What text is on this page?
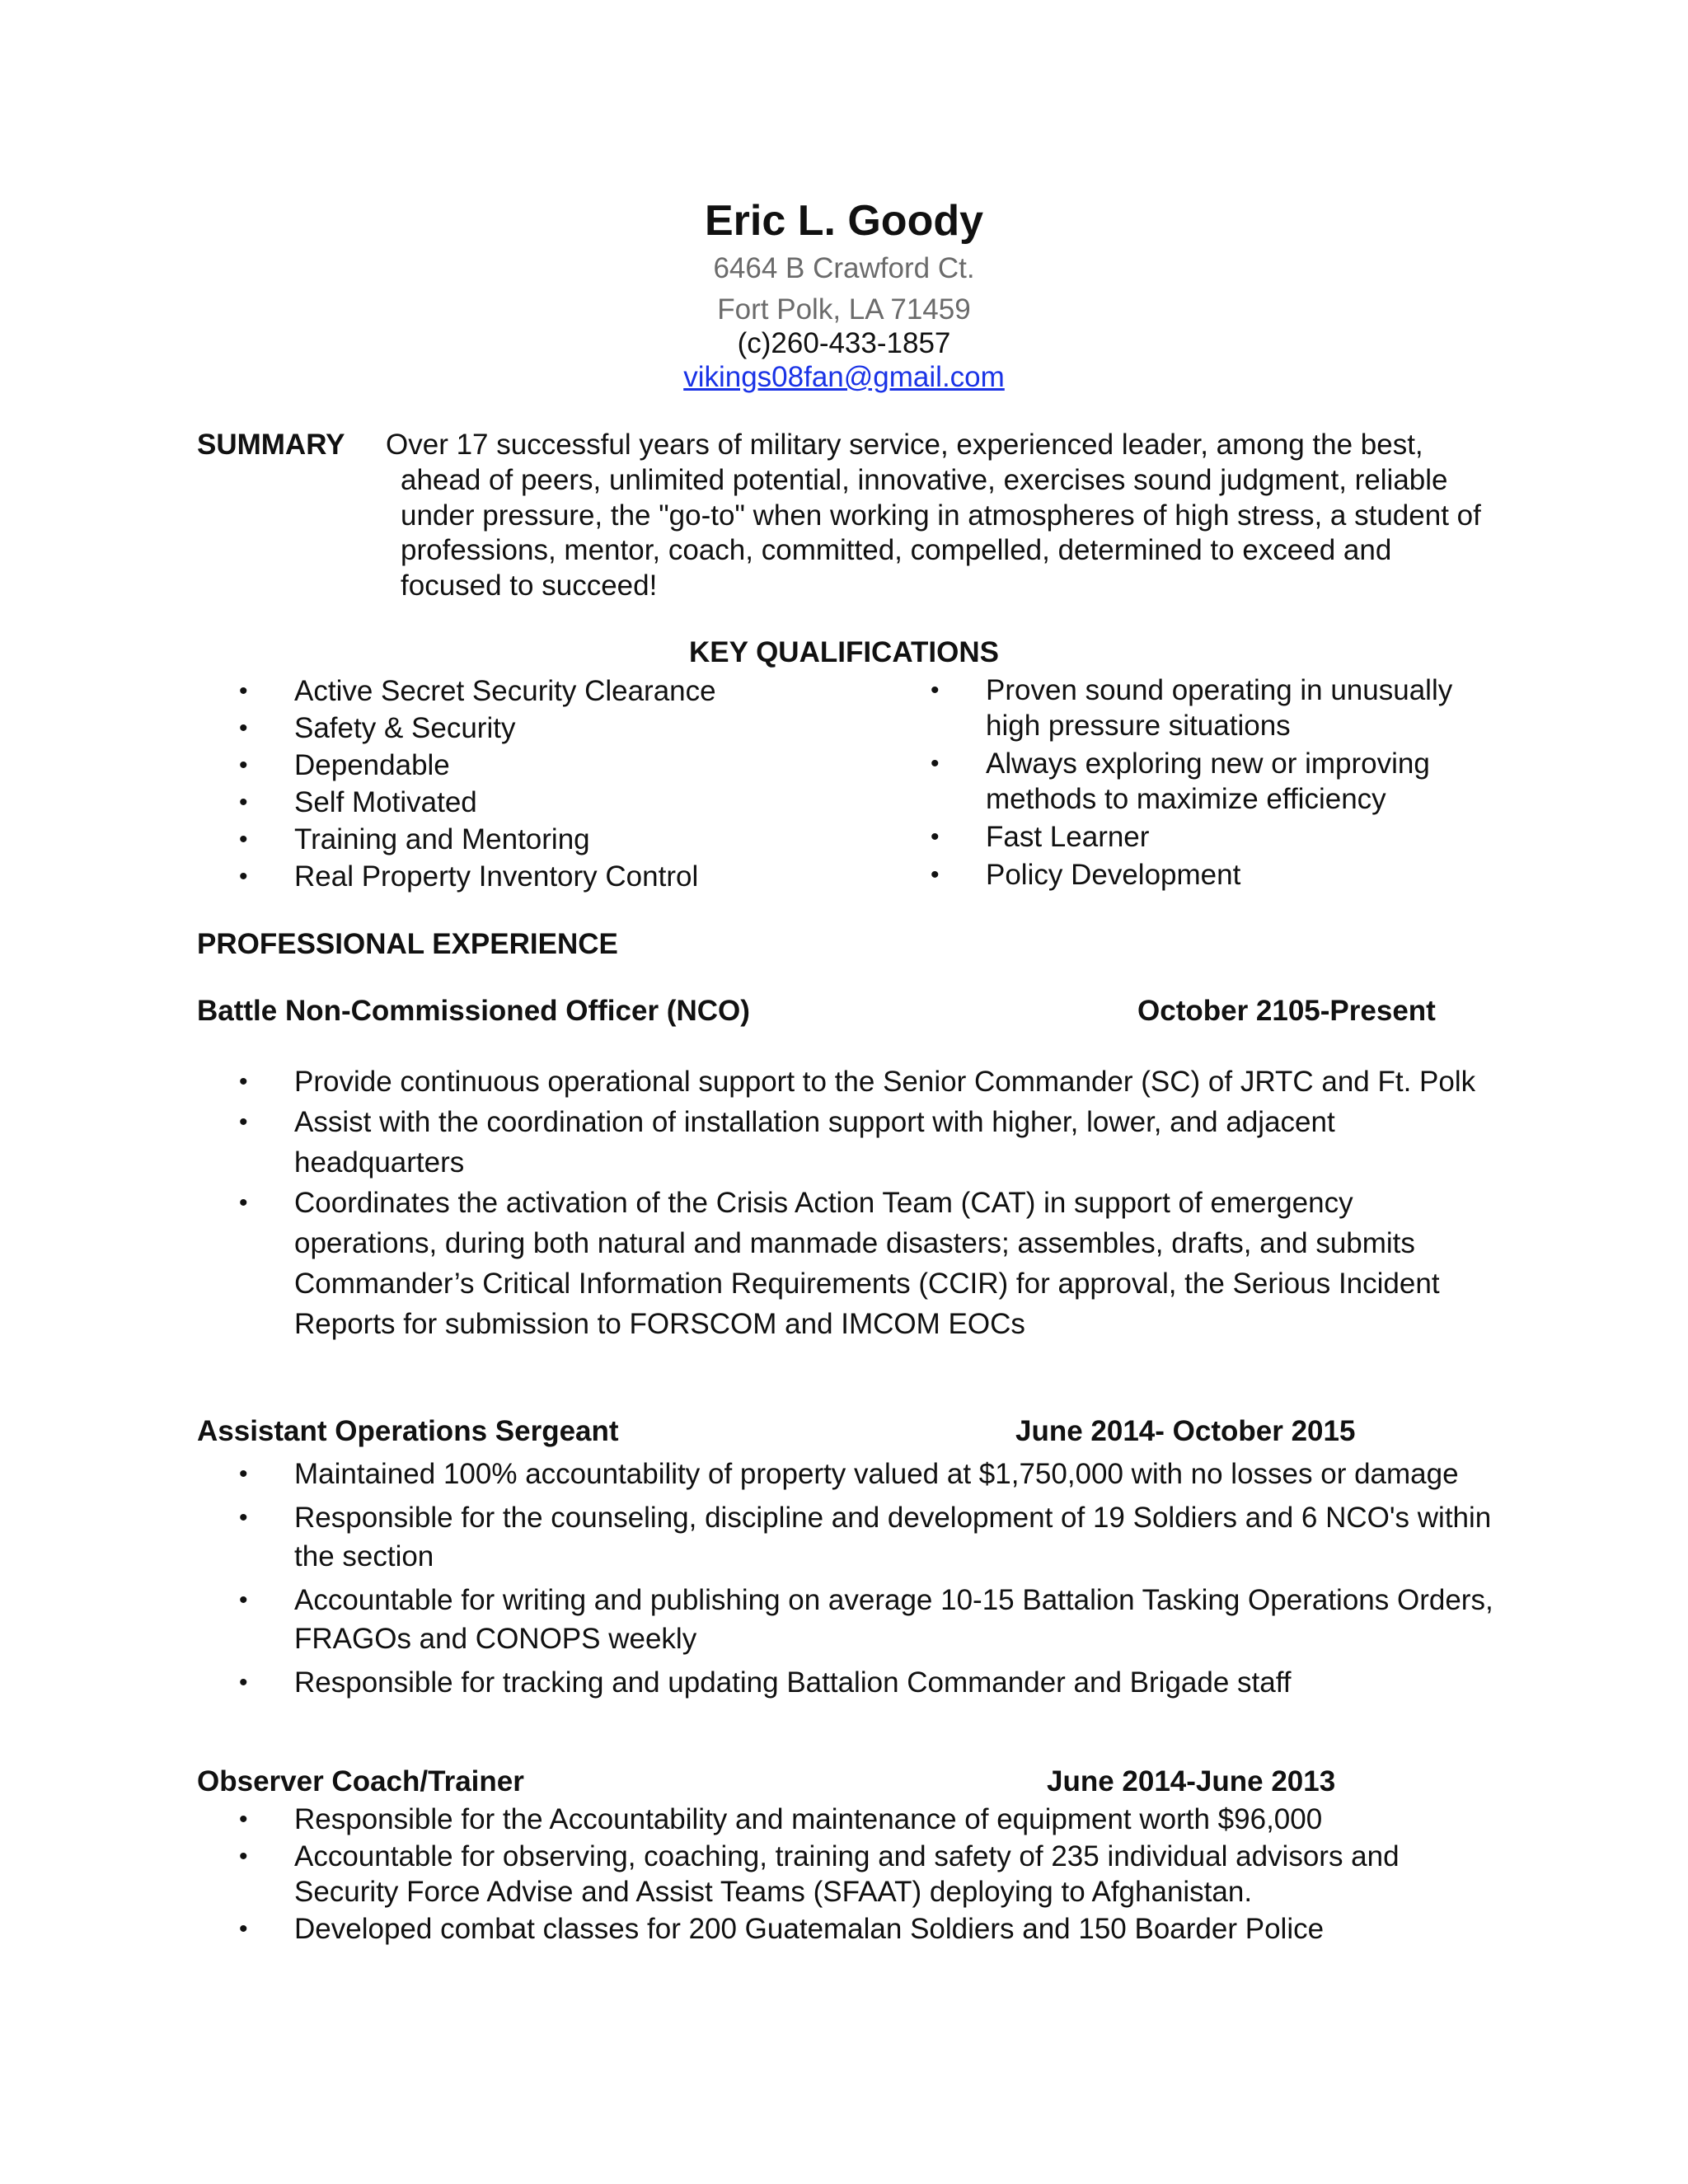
Eric L. Goody
6464 B Crawford Ct.
Fort Polk, LA 71459
(c)260-433-1857
vikings08fan@gmail.com
SUMMARY Over 17 successful years of military service, experienced leader, among the best,
ahead of peers, unlimited potential, innovative, exercises sound judgment, reliable under pressure, the "go-to" when working in atmospheres of high stress, a student of professions, mentor, coach, committed, compelled, determined to exceed and focused to succeed!
KEY QUALIFICATIONS
• Active Secret Security Clearance
• Safety & Security
• Dependable
• Self Motivated
• Training and Mentoring
• Real Property Inventory Control
• Proven sound operating in unusually high pressure situations
• Always exploring new or improving methods to maximize efficiency
• Fast Learner
• Policy Development
PROFESSIONAL EXPERIENCE
Battle Non-Commissioned Officer (NCO)	October 2105-Present
• Provide continuous operational support to the Senior Commander (SC) of JRTC and Ft. Polk
• Assist with the coordination of installation support with higher, lower, and adjacent headquarters
• Coordinates the activation of the Crisis Action Team (CAT) in support of emergency operations, during both natural and manmade disasters; assembles, drafts, and submits Commander’s Critical Information Requirements (CCIR) for approval, the Serious Incident Reports for submission to FORSCOM and IMCOM EOCs
Assistant Operations Sergeant	June 2014- October 2015
• Maintained 100% accountability of property valued at $1,750,000 with no losses or damage
• Responsible for the counseling, discipline and development of 19 Soldiers and 6 NCO's within the section
• Accountable for writing and publishing on average 10-15 Battalion Tasking Operations Orders, FRAGOs and CONOPS weekly
• Responsible for tracking and updating Battalion Commander and Brigade staff
Observer Coach/Trainer	June 2014-June 2013
• Responsible for the Accountability and maintenance of equipment worth $96,000
• Accountable for observing, coaching, training and safety of 235 individual advisors and Security Force Advise and Assist Teams (SFAAT) deploying to Afghanistan.
• Developed combat classes for 200 Guatemalan Soldiers and 150 Boarder Police
